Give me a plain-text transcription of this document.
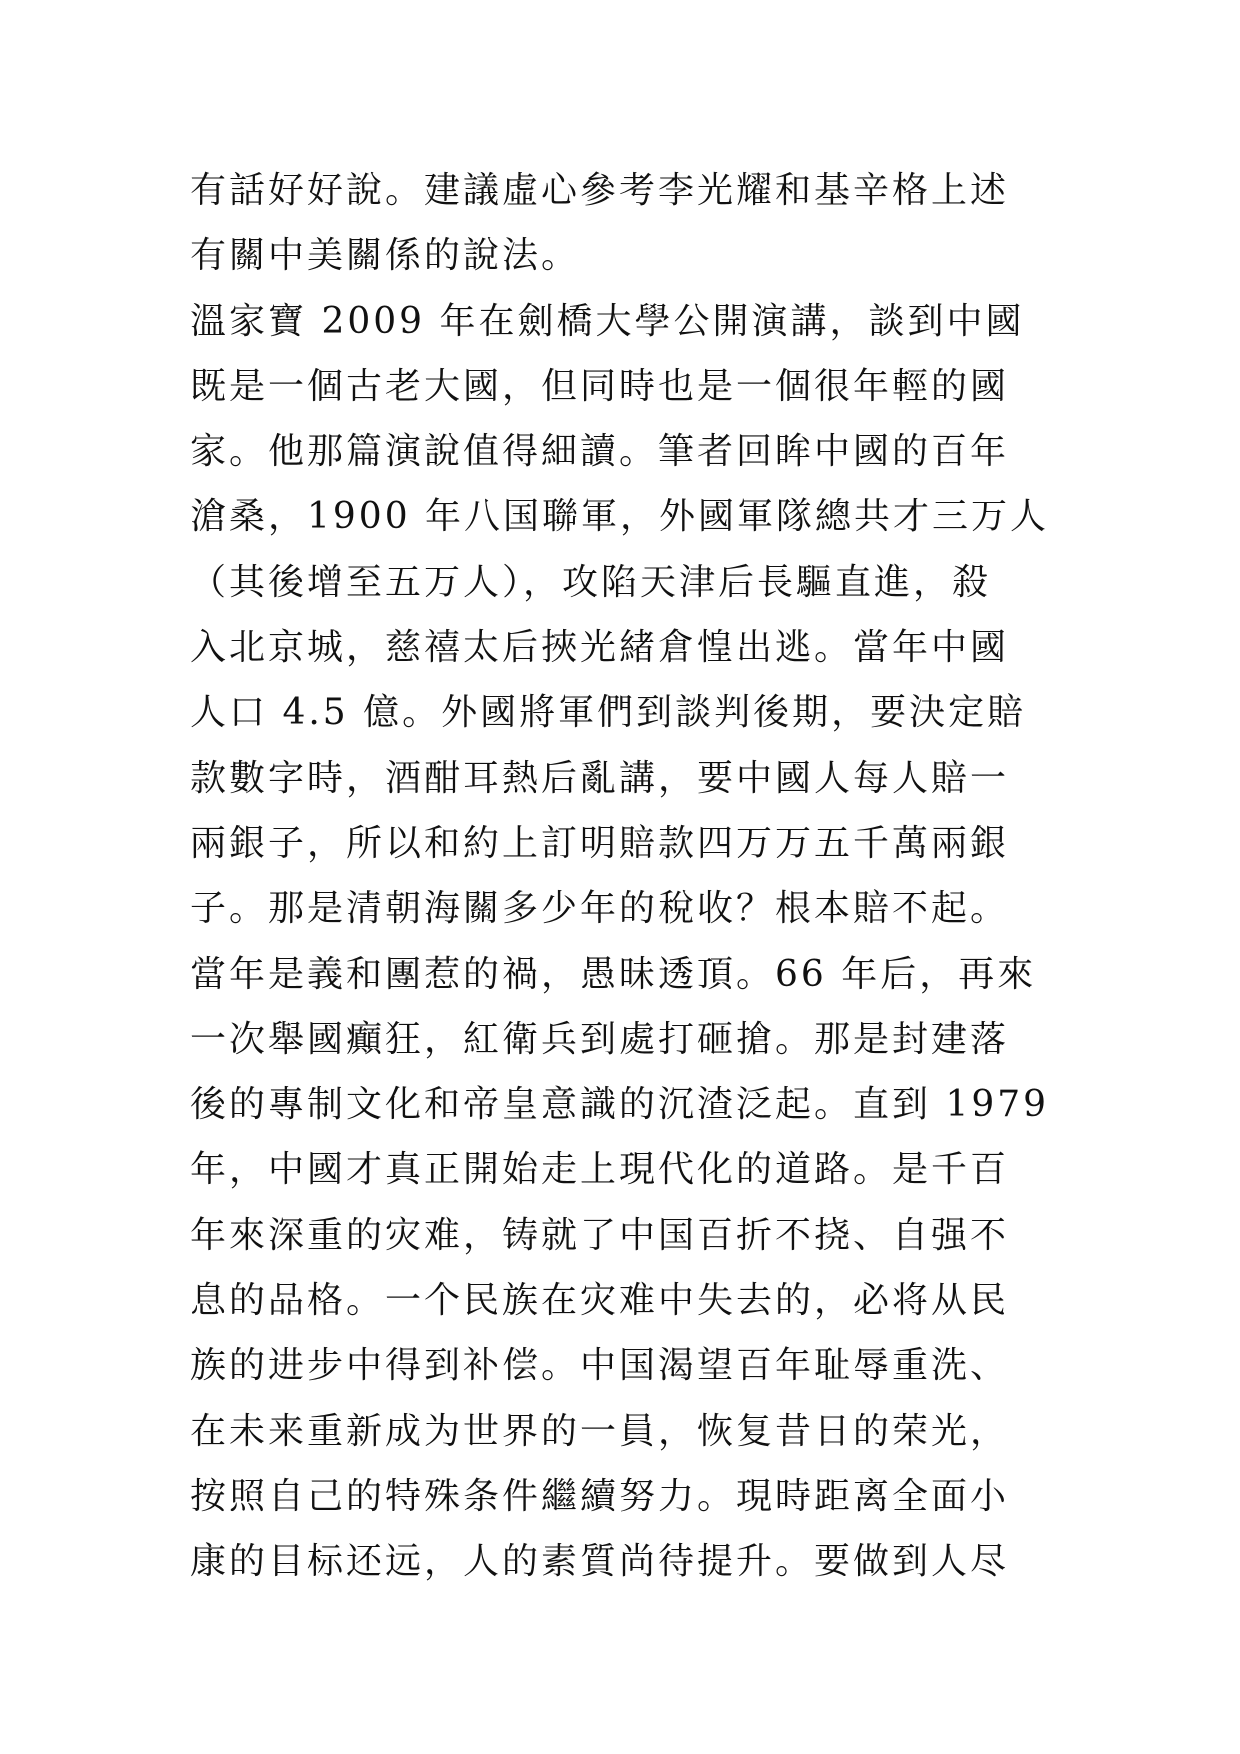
有話好好說。建議虛心參考李光耀和基辛格上述
有關中美關係的說法。
溫家寶 2009 年在劍橋大學公開演講，談到中國
既是一個古老大國，但同時也是一個很年輕的國
家。他那篇演說值得細讀。筆者回眸中國的百年
滄桑，1900 年八国聯軍，外國軍隊總共才三万人
（其後增至五万人），攻陷天津后長驅直進，殺
入北京城，慈禧太后挾光緒倉惶出逃。當年中國
人口 4.5 億。外國將軍們到談判後期，要決定賠
款數字時，酒酣耳熱后亂講，要中國人每人賠一
兩銀子，所以和約上訂明賠款四万万五千萬兩銀
子。那是清朝海關多少年的稅收？根本賠不起。
當年是義和團惹的禍，愚昧透頂。66 年后，再來
一次舉國癲狂，紅衛兵到處打砸搶。那是封建落
後的專制文化和帝皇意識的沉渣泛起。直到 1979
年，中國才真正開始走上現代化的道路。是千百
年來深重的灾难，铸就了中国百折不挠、自强不
息的品格。一个民族在灾难中失去的，必将从民
族的进步中得到补偿。中国渴望百年耻辱重洗、
在未来重新成为世界的一員，恢复昔日的荣光，
按照自己的特殊条件繼續努力。現時距离全面小
康的目标还远，人的素質尚待提升。要做到人尽
